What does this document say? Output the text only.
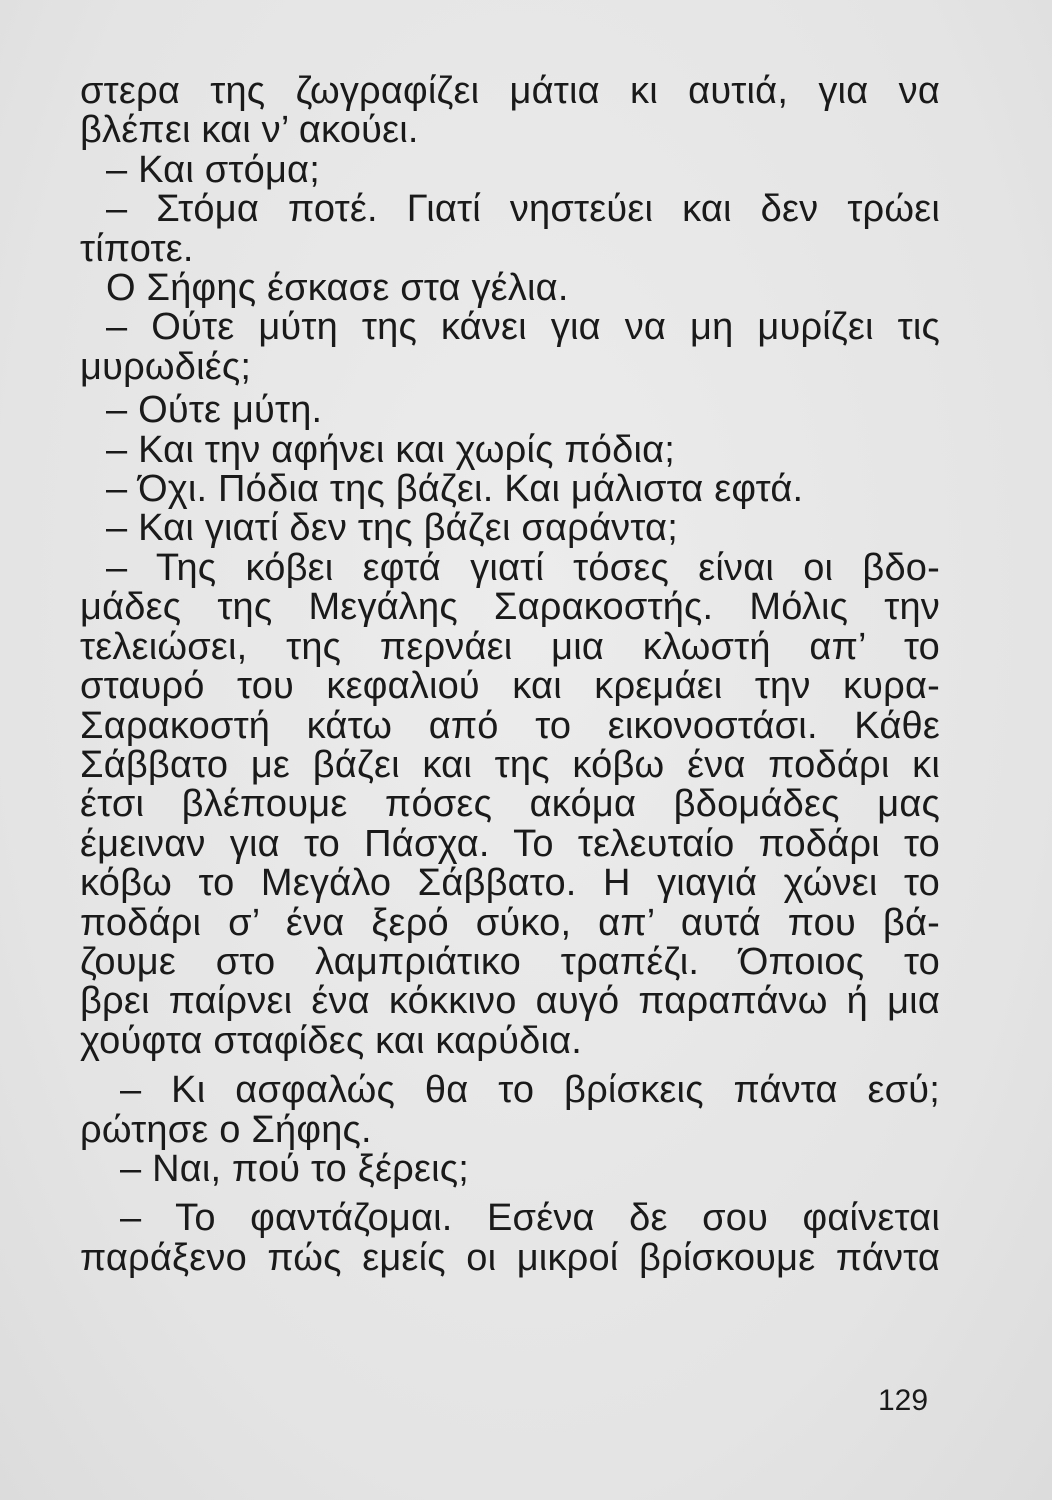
στερα της ζωγραφίζει μάτια κι αυτιά, για να
βλέπει και ν’ ακούει.
– Και στόμα;
– Στόμα ποτέ. Γιατί νηστεύει και δεν τρώει
τίποτε.
Ο Σήφης έσκασε στα γέλια.
– Ούτε μύτη της κάνει για να μη μυρίζει τις
μυρωδιές;
– Ούτε μύτη.
– Και την αφήνει και χωρίς πόδια;
– Όχι. Πόδια της βάζει. Και μάλιστα εφτά.
– Και γιατί δεν της βάζει σαράντα;
– Της κόβει εφτά γιατί τόσες είναι οι βδο-
μάδες της Μεγάλης Σαρακοστής. Μόλις την
τελειώσει, της περνάει μια κλωστή απ’ το
σταυρό του κεφαλιού και κρεμάει την κυρα-
Σαρακοστή κάτω από το εικονοστάσι. Κάθε
Σάββατο με βάζει και της κόβω ένα ποδάρι κι
έτσι βλέπουμε πόσες ακόμα βδομάδες μας
έμειναν για το Πάσχα. Το τελευταίο ποδάρι το
κόβω το Μεγάλο Σάββατο. Η γιαγιά χώνει το
ποδάρι σ’ ένα ξερό σύκο, απ’ αυτά που βά-
ζουμε στο λαμπριάτικο τραπέζι. Όποιος το
βρει παίρνει ένα κόκκινο αυγό παραπάνω ή μια
χούφτα σταφίδες και καρύδια.
– Κι ασφαλώς θα το βρίσκεις πάντα εσύ;
ρώτησε ο Σήφης.
– Ναι, πού το ξέρεις;
– Το φαντάζομαι. Εσένα δε σου φαίνεται
παράξενο πώς εμείς οι μικροί βρίσκουμε πάντα
129
